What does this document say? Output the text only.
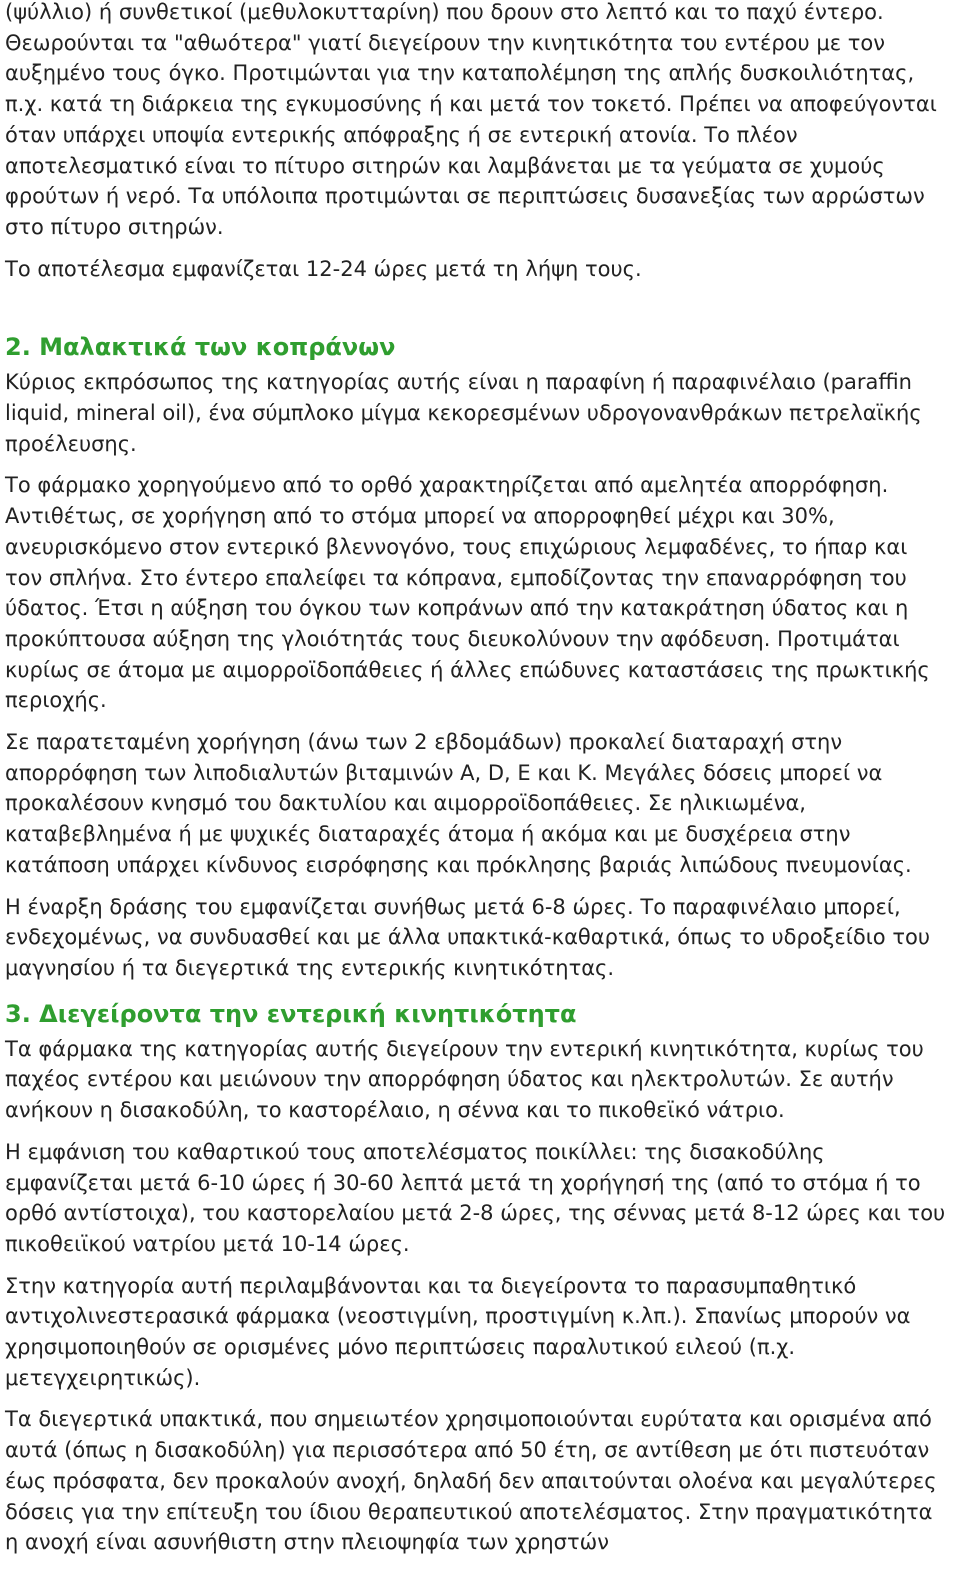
(ψύλλιο) ή συνθετικοί (μεθυλοκυτταρίνη) που δρουν στο λεπτό και το παχύ έντερο. Θεωρούνται τα "αθωότερα" γιατί διεγείρουν την κινητικότητα του εντέρου με τον αυξημένο τους όγκο. Προτιμώνται για την καταπολέμηση της απλής δυσκοιλιότητας, π.χ. κατά τη διάρκεια της εγκυμοσύνης ή και μετά τον τοκετό. Πρέπει να αποφεύγονται όταν υπάρχει υποψία εντερικής απόφραξης ή σε εντερική ατονία. Το πλέον αποτελεσματικό είναι το πίτυρο σιτηρών και λαμβάνεται με τα γεύματα σε χυμούς φρούτων ή νερό. Τα υπόλοιπα προτιμώνται σε περιπτώσεις δυσανεξίας των αρρώστων στο πίτυρο σιτηρών.

Το αποτέλεσμα εμφανίζεται 12-24 ώρες μετά τη λήψη τους.

2. Μαλακτικά των κοπράνων

Κύριος εκπρόσωπος της κατηγορίας αυτής είναι η παραφίνη ή παραφινέλαιο (paraffin liquid, mineral oil), ένα σύμπλοκο μίγμα κεκορεσμένων υδρογονανθράκων πετρελαϊκής προέλευσης.

Το φάρμακο χορηγούμενο από το ορθό χαρακτηρίζεται από αμελητέα απορρόφηση. Αντιθέτως, σε χορήγηση από το στόμα μπορεί να απορροφηθεί μέχρι και 30%, ανευρισκόμενο στον εντερικό βλεννογόνο, τους επιχώριους λεμφαδένες, το ήπαρ και τον σπλήνα. Στο έντερο επαλείφει τα κόπρανα, εμποδίζοντας την επαναρρόφηση του ύδατος. Έτσι η αύξηση του όγκου των κοπράνων από την κατακράτηση ύδατος και η προκύπτουσα αύξηση της γλοιότητάς τους διευκολύνουν την αφόδευση. Προτιμάται κυρίως σε άτομα με αιμορροϊδοπάθειες ή άλλες επώδυνες καταστάσεις της πρωκτικής περιοχής.

Σε παρατεταμένη χορήγηση (άνω των 2 εβδομάδων) προκαλεί διαταραχή στην απορρόφηση των λιποδιαλυτών βιταμινών A, D, E και K. Μεγάλες δόσεις μπορεί να προκαλέσουν κνησμό του δακτυλίου και αιμορροϊδοπάθειες. Σε ηλικιωμένα, καταβεβλημένα ή με ψυχικές διαταραχές άτομα ή ακόμα και με δυσχέρεια στην κατάποση υπάρχει κίνδυνος εισρόφησης και πρόκλησης βαριάς λιπώδους πνευμονίας.

Η έναρξη δράσης του εμφανίζεται συνήθως μετά 6-8 ώρες. Το παραφινέλαιο μπορεί, ενδεχομένως, να συνδυασθεί και με άλλα υπακτικά-καθαρτικά, όπως το υδροξείδιο του μαγνησίου ή τα διεγερτικά της εντερικής κινητικότητας.

3. Διεγείροντα την εντερική κινητικότητα

Τα φάρμακα της κατηγορίας αυτής διεγείρουν την εντερική κινητικότητα, κυρίως του παχέος εντέρου και μειώνουν την απορρόφηση ύδατος και ηλεκτρολυτών. Σε αυτήν ανήκουν η δισακοδύλη, το καστορέλαιο, η σέννα και το πικοθεϊκό νάτριο.

Η εμφάνιση του καθαρτικού τους αποτελέσματος ποικίλλει: της δισακοδύλης εμφανίζεται μετά 6-10 ώρες ή 30-60 λεπτά μετά τη χορήγησή της (από το στόμα ή το ορθό αντίστοιχα), του καστορελαίου μετά 2-8 ώρες, της σέννας μετά 8-12 ώρες και του πικοθειϊκού νατρίου μετά 10-14 ώρες.

Στην κατηγορία αυτή περιλαμβάνονται και τα διεγείροντα το παρασυμπαθητικό αντιχολινεστερασικά φάρμακα (νεοστιγμίνη, προστιγμίνη κ.λπ.). Σπανίως μπορούν να χρησιμοποιηθούν σε ορισμένες μόνο περιπτώσεις παραλυτικού ειλεού (π.χ. μετεγχειρητικώς).

Τα διεγερτικά υπακτικά, που σημειωτέον χρησιμοποιούνται ευρύτατα και ορισμένα από αυτά (όπως η δισακοδύλη) για περισσότερα από 50 έτη, σε αντίθεση με ότι πιστευόταν έως πρόσφατα, δεν προκαλούν ανοχή, δηλαδή δεν απαιτούνται ολοένα και μεγαλύτερες δόσεις για την επίτευξη του ίδιου θεραπευτικού αποτελέσματος. Στην πραγματικότητα η ανοχή είναι ασυνήθιστη στην πλειοψηφία των χρηστών
